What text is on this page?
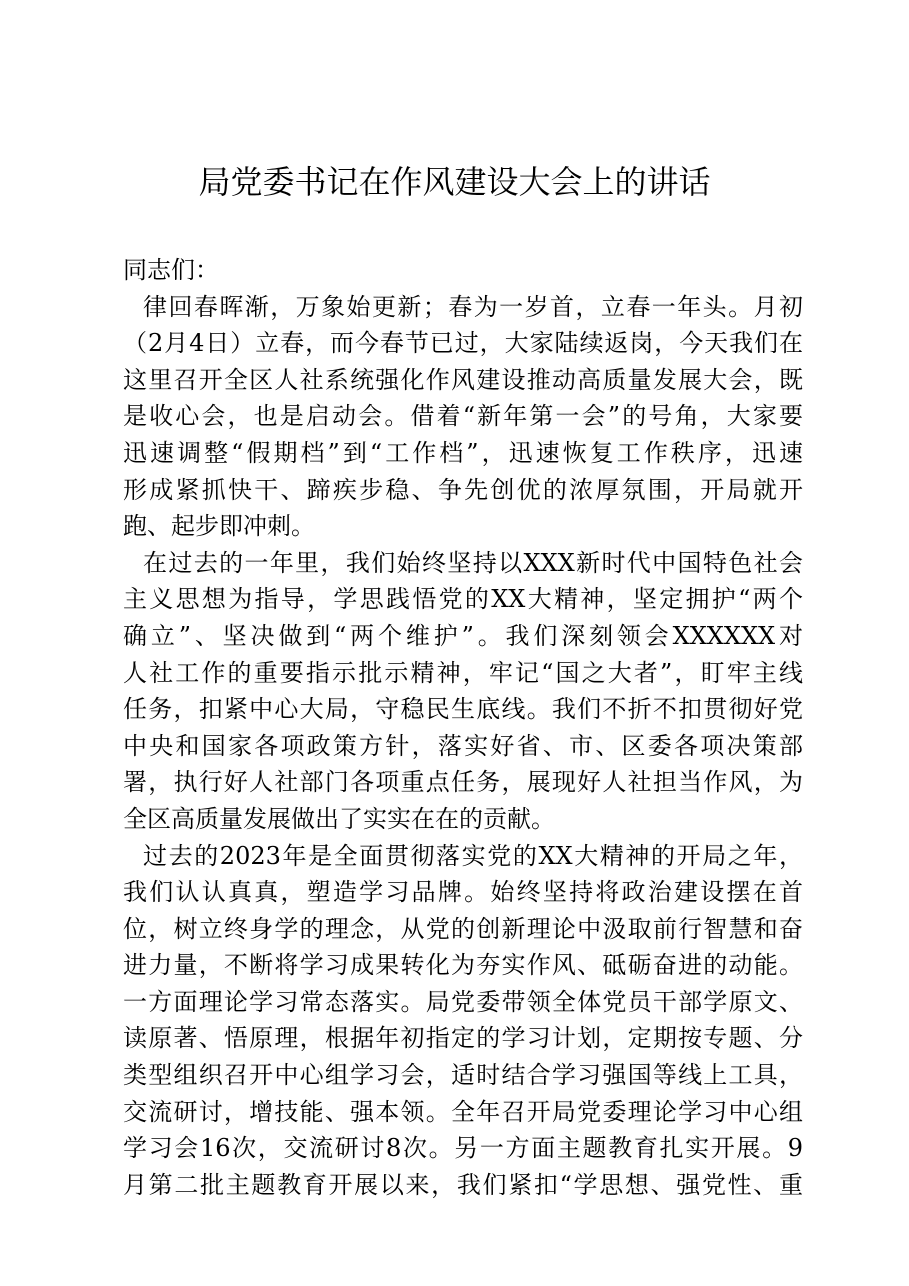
局党委书记在作风建设大会上的讲话
同志们：
律回春晖渐，万象始更新；春为一岁首，立春一年头。月初
（2月4日）立春，而今春节已过，大家陆续返岗，今天我们在
这里召开全区人社系统强化作风建设推动高质量发展大会，既
是收心会，也是启动会。借着“新年第一会”的号角，大家要
迅速调整“假期档”到“工作档”，迅速恢复工作秩序，迅速
形成紧抓快干、蹄疾步稳、争先创优的浓厚氛围，开局就开
跑、起步即冲刺。
在过去的一年里，我们始终坚持以XXX新时代中国特色社会
主义思想为指导，学思践悟党的XX大精神，坚定拥护“两个
确立”、坚决做到“两个维护”。我们深刻领会XXXXXX对
人社工作的重要指示批示精神，牢记“国之大者”，盯牢主线
任务，扣紧中心大局，守稳民生底线。我们不折不扣贯彻好党
中央和国家各项政策方针，落实好省、市、区委各项决策部
署，执行好人社部门各项重点任务，展现好人社担当作风，为
全区高质量发展做出了实实在在的贡献。
过去的2023年是全面贯彻落实党的XX大精神的开局之年，
我们认认真真，塑造学习品牌。始终坚持将政治建设摆在首
位，树立终身学的理念，从党的创新理论中汲取前行智慧和奋
进力量，不断将学习成果转化为夯实作风、砥砺奋进的动能。
一方面理论学习常态落实。局党委带领全体党员干部学原文、
读原著、悟原理，根据年初指定的学习计划，定期按专题、分
类型组织召开中心组学习会，适时结合学习强国等线上工具，
交流研讨，增技能、强本领。全年召开局党委理论学习中心组
学习会16次，交流研讨8次。另一方面主题教育扎实开展。9
月第二批主题教育开展以来，我们紧扣“学思想、强党性、重
